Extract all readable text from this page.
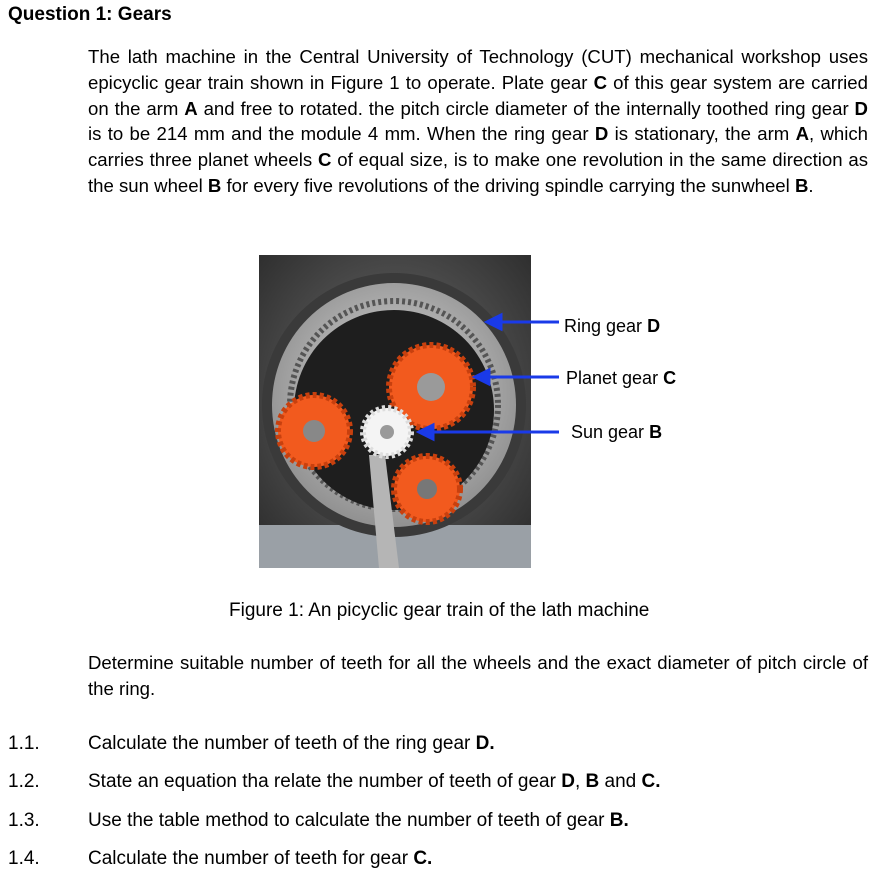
Question 1: Gears
The lath machine in the Central University of Technology (CUT) mechanical workshop uses epicyclic gear train shown in Figure 1 to operate. Plate gear C of this gear system are carried on the arm A and free to rotated. the pitch circle diameter of the internally toothed ring gear D is to be 214 mm and the module 4 mm. When the ring gear D is stationary, the arm A, which carries three planet wheels C of equal size, is to make one revolution in the same direction as the sun wheel B for every five revolutions of the driving spindle carrying the sunwheel B.
Ring gear D
Planet gear C
Sun gear B
Figure 1: An picyclic gear train of the lath machine
Determine suitable number of teeth for all the wheels and the exact diameter of pitch circle of the ring.
1.1.	Calculate the number of teeth of the ring gear D.
1.2.	State an equation tha relate the number of teeth of gear D, B and C.
1.3.	Use the table method to calculate the number of teeth of gear B.
1.4.	Calculate the number of teeth for gear C.
